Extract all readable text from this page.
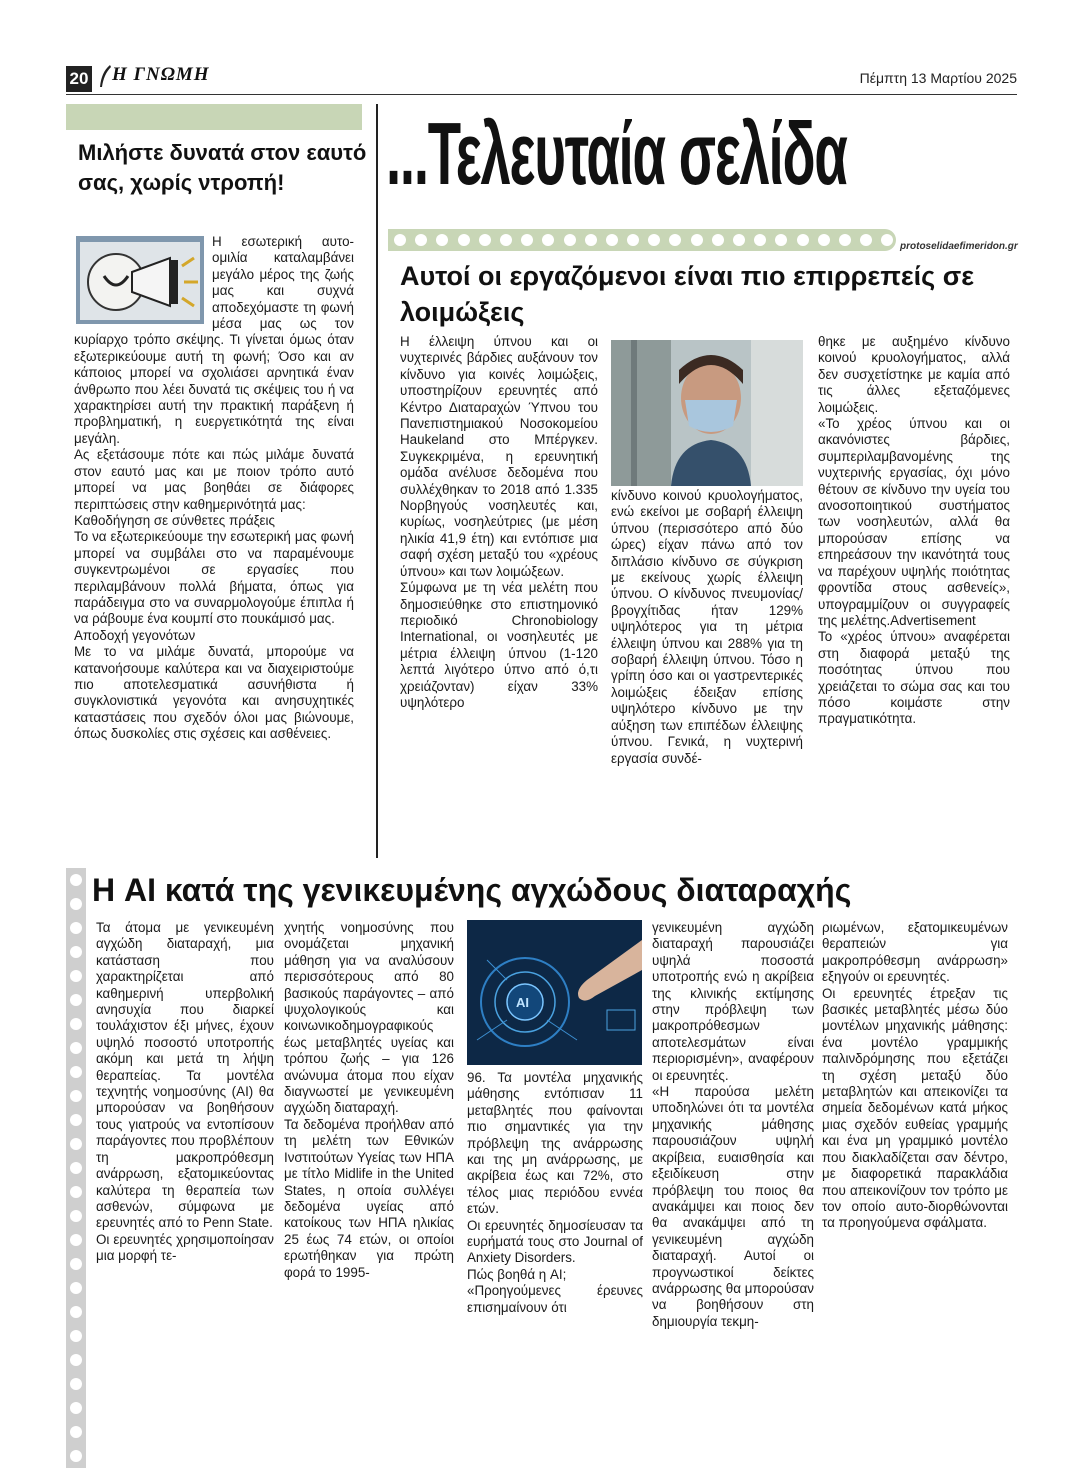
20 Η ΓΝΩΜΗ	Πέμπτη 13 Μαρτίου 2025
Μιλήστε δυνατά στον εαυτό σας, χωρίς ντροπή!

Η εσωτερική αυτο-ομιλία καταλαμβάνει μεγάλο μέρος της ζωής μας και συχνά αποδεχόμαστε τη φωνή μέσα μας ως τον κυρίαρχο τρόπο σκέψης. Τι γίνεται όμως όταν εξωτερικεύουμε αυτή τη φωνή; Όσο και αν κάποιος μπορεί να σχολιάσει αρνητικά έναν άνθρωπο που λέει δυνατά τις σκέψεις του ή να χαρακτηρίσει αυτή την πρακτική παράξενη ή προβληματική, η ευεργετικότητά της είναι μεγάλη.

Ας εξετάσουμε πότε και πώς μιλάμε δυνατά στον εαυτό μας και με ποιον τρόπο αυτό μπορεί να μας βοηθάει σε διάφορες περιπτώσεις στην καθημερινότητά μας:

Καθοδήγηση σε σύνθετες πράξεις

Το να εξωτερικεύουμε την εσωτερική μας φωνή μπορεί να συμβάλει στο να παραμένουμε συγκεντρωμένοι σε εργασίες που περιλαμβάνουν πολλά βήματα, όπως για παράδειγμα στο να συναρμολογούμε έπιπλα ή να ράβουμε ένα κουμπί στο πουκάμισό μας.

Αποδοχή γεγονότων

Με το να μιλάμε δυνατά, μπορούμε να κατανοήσουμε καλύτερα και να διαχειριστούμε πιο αποτελεσματικά ασυνήθιστα ή συγκλονιστικά γεγονότα και ανησυχητικές καταστάσεις που σχεδόν όλοι μας βιώνουμε, όπως δυσκολίες στις σχέσεις και ασθένειες.

...Τελευταία σελίδα
protoselidaefimeridon.gr
Αυτοί οι εργαζόμενοι είναι πιο επιρρεπείς σε λοιμώξεις

Η έλλειψη ύπνου και οι νυχτερινές βάρδιες αυξάνουν τον κίνδυνο για κοινές λοιμώξεις, υποστηρίζουν ερευνητές από Κέντρο Διαταραχών Ύπνου του Πανεπιστημιακού Νοσοκομείου Haukeland στο Μπέργκεν. Συγκεκριμένα, η ερευνητική ομάδα ανέλυσε δεδομένα που συλλέχθηκαν το 2018 από 1.335 Νορβηγούς νοσηλευτές και, κυρίως, νοσηλεύτριες (με μέση ηλικία 41,9 έτη) και εντόπισε μια σαφή σχέση μεταξύ του «χρέους ύπνου» και των λοιμώξεων.

Σύμφωνα με τη νέα μελέτη που δημοσιεύθηκε στο επιστημονικό περιοδικό Chronobiology International, οι νοσηλευτές με μέτρια έλλειψη ύπνου (1-120 λεπτά λιγότερο ύπνο από ό,τι χρειάζονταν) είχαν 33% υψηλότερο

κίνδυνο κοινού κρυολογήματος, ενώ εκείνοι με σοβαρή έλλειψη ύπνου (περισσότερο από δύο ώρες) είχαν πάνω από τον διπλάσιο κίνδυνο σε σύγκριση με εκείνους χωρίς έλλειψη ύπνου. Ο κίνδυνος πνευμονίας/βρογχίτιδας ήταν 129% υψηλότερος για τη μέτρια έλλειψη ύπνου και 288% για τη σοβαρή έλλειψη ύπνου. Τόσο η γρίπη όσο και οι γαστρεντερικές λοιμώξεις έδειξαν επίσης υψηλότερο κίνδυνο με την αύξηση των επιπέδων έλλειψης ύπνου. Γενικά, η νυχτερινή εργασία συνδέ-

θηκε με αυξημένο κίνδυνο κοινού κρυολογήματος, αλλά δεν συσχετίστηκε με καμία από τις άλλες εξεταζόμενες λοιμώξεις.

«Το χρέος ύπνου και οι ακανόνιστες βάρδιες, συμπεριλαμβανομένης της νυχτερινής εργασίας, όχι μόνο θέτουν σε κίνδυνο την υγεία του ανοσοποιητικού συστήματος των νοσηλευτών, αλλά θα μπορούσαν επίσης να επηρεάσουν την ικανότητά τους να παρέχουν υψηλής ποιότητας φροντίδα στους ασθενείς», υπογραμμίζουν οι συγγραφείς της μελέτης.Advertisement

Το «χρέος ύπνου» αναφέρεται στη διαφορά μεταξύ της ποσότητας ύπνου που χρειάζεται το σώμα σας και του πόσο κοιμάστε στην πραγματικότητα.

Η AI κατά της γενικευμένης αγχώδους διαταραχής
AI

Τα άτομα με γενικευμένη αγχώδη διαταραχή, μια κατάσταση που χαρακτηρίζεται από καθημερινή υπερβολική ανησυχία που διαρκεί τουλάχιστον έξι μήνες, έχουν υψηλό ποσοστό υποτροπής ακόμη και μετά τη λήψη θεραπείας. Τα μοντέλα τεχνητής νοημοσύνης (AI) θα μπορούσαν να βοηθήσουν τους γιατρούς να εντοπίσουν παράγοντες που προβλέπουν τη μακροπρόθεσμη ανάρρωση, εξατομικεύοντας καλύτερα τη θεραπεία των ασθενών, σύμφωνα με ερευνητές από το Penn State.

Οι ερευνητές χρησιμοποίησαν μια μορφή τε-

χνητής νοημοσύνης που ονομάζεται μηχανική μάθηση για να αναλύσουν περισσότερους από 80 βασικούς παράγοντες – από ψυχολογικούς και κοινωνικοδημογραφικούς έως μεταβλητές υγείας και τρόπου ζωής – για 126 ανώνυμα άτομα που είχαν διαγνωστεί με γενικευμένη αγχώδη διαταραχή.

Τα δεδομένα προήλθαν από τη μελέτη των Εθνικών Ινστιτούτων Υγείας των ΗΠΑ με τίτλο Midlife in the United States, η οποία συλλέγει δεδομένα υγείας από κατοίκους των ΗΠΑ ηλικίας 25 έως 74 ετών, οι οποίοι ερωτήθηκαν για πρώτη φορά το 1995-

96. Τα μοντέλα μηχανικής μάθησης εντόπισαν 11 μεταβλητές που φαίνονται πιο σημαντικές για την πρόβλεψη της ανάρρωσης και της μη ανάρρωσης, με ακρίβεια έως και 72%, στο τέλος μιας περιόδου εννέα ετών.

Οι ερευνητές δημοσίευσαν τα ευρήματά τους στο Journal of Anxiety Disorders.

Πώς βοηθά η AI;

«Προηγούμενες έρευνες επισημαίνουν ότι

γενικευμένη αγχώδη διαταραχή παρουσιάζει υψηλά ποσοστά υποτροπής ενώ η ακρίβεια της κλινικής εκτίμησης στην πρόβλεψη των μακροπρόθεσμων αποτελεσμάτων είναι περιορισμένη», αναφέρουν οι ερευνητές.

«Η παρούσα μελέτη υποδηλώνει ότι τα μοντέλα μηχανικής μάθησης παρουσιάζουν υψηλή ακρίβεια, ευαισθησία και εξειδίκευση στην πρόβλεψη του ποιος θα ανακάμψει και ποιος δεν θα ανακάμψει από τη γενικευμένη αγχώδη διαταραχή. Αυτοί οι προγνωστικοί δείκτες ανάρρωσης θα μπορούσαν να βοηθήσουν στη δημιουργία τεκμη-

ριωμένων, εξατομικευμένων θεραπειών για μακροπρόθεσμη ανάρρωση» εξηγούν οι ερευνητές.

Οι ερευνητές έτρεξαν τις βασικές μεταβλητές μέσω δύο μοντέλων μηχανικής μάθησης: ένα μοντέλο γραμμικής παλινδρόμησης που εξετάζει τη σχέση μεταξύ δύο μεταβλητών και απεικονίζει τα σημεία δεδομένων κατά μήκος μιας σχεδόν ευθείας γραμμής και ένα μη γραμμικό μοντέλο που διακλαδίζεται σαν δέντρο, με διαφορετικά παρακλάδια που απεικονίζουν τον τρόπο με τον οποίο αυτο-διορθώνονται τα προηγούμενα σφάλματα.
